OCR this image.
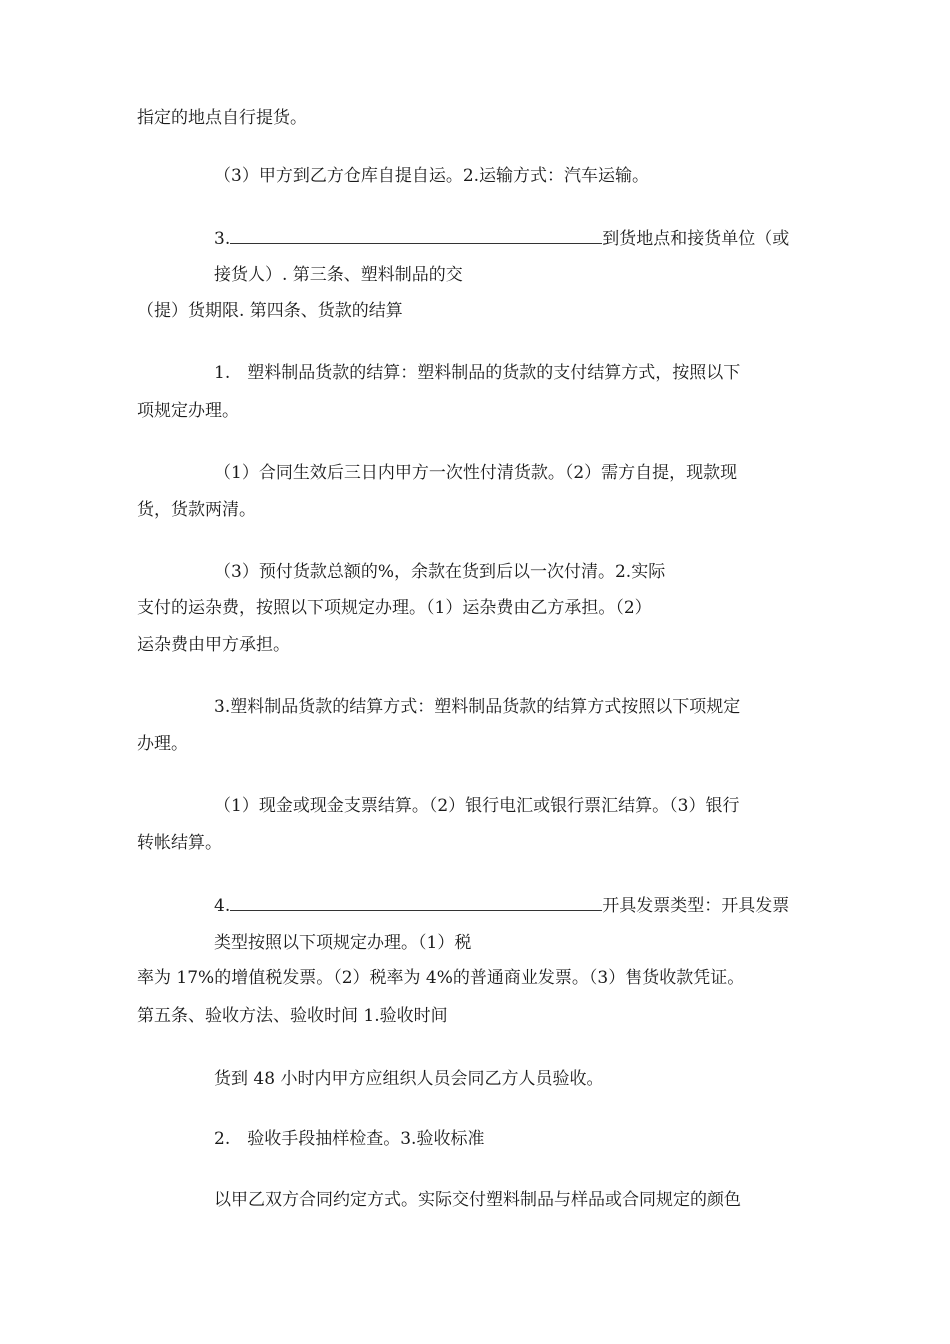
指定的地点自行提货。
（3）甲方到乙方仓库自提自运。2.运输方式：汽车运输。
3.	到货地点和接货单位（或
接货人）. 第三条、塑料制品的交
（提）货期限. 第四条、货款的结算
1.　塑料制品货款的结算：塑料制品的货款的支付结算方式，按照以下
项规定办理。
（1）合同生效后三日内甲方一次性付清货款。（2）需方自提，现款现
货，货款两清。
（3）预付货款总额的%，余款在货到后以一次付清。2.实际
支付的运杂费，按照以下项规定办理。（1）运杂费由乙方承担。（2）
运杂费由甲方承担。
3.塑料制品货款的结算方式：塑料制品货款的结算方式按照以下项规定
办理。
（1）现金或现金支票结算。（2）银行电汇或银行票汇结算。（3）银行
转帐结算。
4.	开具发票类型：开具发票
类型按照以下项规定办理。（1）税
率为 17%的增值税发票。（2）税率为 4%的普通商业发票。（3）售货收款凭证。
第五条、验收方法、验收时间 1.验收时间
货到 48 小时内甲方应组织人员会同乙方人员验收。
2.　验收手段抽样检查。3.验收标准
以甲乙双方合同约定方式。实际交付塑料制品与样品或合同规定的颜色
